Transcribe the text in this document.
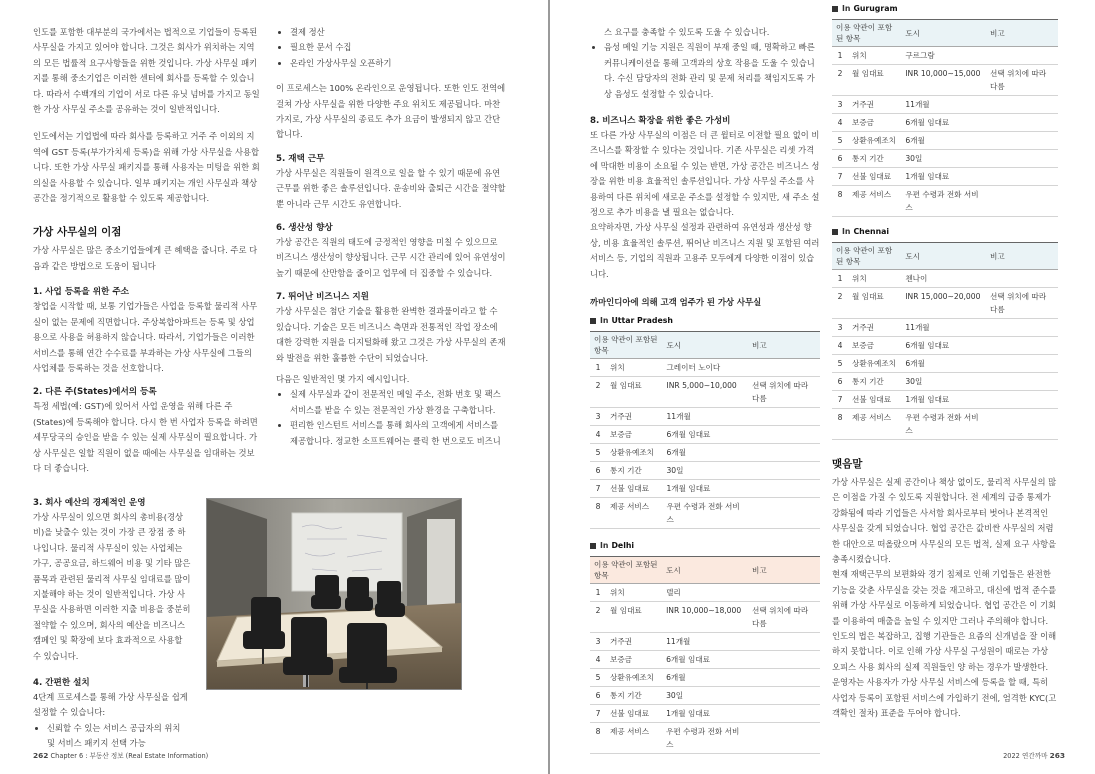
인도를 포함한 대부분의 국가에서는 법적으로 기업들이 등록된 사무실을 가지고 있어야 합니다. 그것은 회사가 위치하는 지역의 모든 법률적 요구사항들을 위한 것입니다. 가상 사무실 패키지를 통해 중소기업은 이러한 센터에 회사를 등록할 수 있습니다. 따라서 수백개의 기업이 서로 다른 유닛 넘버를 가지고 동일한 가상 사무실 주소를 공유하는 것이 일반적입니다.

인도에서는 기업법에 따라 회사를 등록하고 거주 주 이외의 지역에 GST 등록(부가가치세 등록)을 위해 가상 사무실을 사용합니다. 또한 가상 사무실 패키지를 통해 사용자는 미팅을 위한 회의실을 사용할 수 있습니다. 일부 패키지는 개인 사무실과 책상 공간을 정기적으로 활용할 수 있도록 제공합니다.

가상 사무실의 이점

가상 사무실은 많은 중소기업들에게 큰 혜택을 줍니다. 주로 다음과 같은 방법으로 도움이 됩니다

1. 사업 등록을 위한 주소

창업을 시작할 때, 보통 기업가들은 사업을 등록할 물리적 사무실이 없는 문제에 직면합니다. 주상복합아파트는 등록 및 상업용으로 사용을 허용하지 않습니다. 따라서, 기업가들은 이러한 서비스를 통해 연간 수수료를 부과하는 가상 사무실에 그들의 사업체를 등록하는 것을 선호합니다.

2. 다른 주(States)에서의 등록

특정 세법(예: GST)에 있어서 사업 운영을 위해 다른 주(States)에 등록해야 합니다. 다시 한 번 사업자 등록을 하려면 세무당국의 승인을 받을 수 있는 실제 사무실이 필요합니다. 가상 사무실은 일할 직원이 없을 때에는 사무실을 임대하는 것보다 더 좋습니다.

3. 회사 예산의 경제적인 운영

가상 사무실이 있으면 회사의 총비용(경상비)을 낮출수 있는 것이 가장 큰 장점 중 하나입니다. 물리적 사무실이 있는 사업체는 가구, 공공요금, 하드웨어 비용 및 기타 많은 품목과 관련된 물리적 사무실 임대료를 많이 지불해야 하는 것이 일반적입니다. 가상 사무실을 사용하면 이러한 지출 비용을 중분히 절약할 수 있으며, 회사의 예산을 비즈니스 캠페인 및 확장에 보다 효과적으로 사용할 수 있습니다.

4. 간편한 설치

4단계 프로세스를 통해 가상 사무실을 쉽게 설정할 수 있습니다:

• 신뢰할 수 있는 서비스 공급자의 위치 및 서비스 패키지 선택 가능
• 결제 정산
• 필요한 문서 수집
• 온라인 가상사무실 오픈하기

이 프로세스는 100% 온라인으로 운영됩니다. 또한 인도 전역에 걸쳐 가상 사무실을 위한 다양한 주요 위치도 제공됩니다. 마찬가지로, 가상 사무실의 종료도 추가 요금이 발생되지 않고 간단합니다.

5. 재택 근무

가상 사무실은 직원들이 원격으로 일을 할 수 있기 때문에 유연 근무를 위한 좋은 솔루션입니다. 운송비와 출퇴근 시간을 절약할 뿐 아니라 근무 시간도 유연합니다.

6. 생산성 향상

가상 공간은 직원의 태도에 긍정적인 영향을 미칠 수 있으므로 비즈니스 생산성이 향상됩니다. 근무 시간 관리에 있어 유연성이 높기 때문에 산만함을 줄이고 업무에 더 집중할 수 있습니다.

7. 뛰어난 비즈니스 지원

가상 사무실은 첨단 기술을 활용한 완벽한 결과물이라고 할 수 있습니다. 기술은 모든 비즈니스 측면과 전통적인 작업 장소에 대한 강력한 지원을 디지털화해 왔고 그것은 가상 사무실의 존재와 발전을 위한 훌륭한 수단이 되었습니다.

다음은 일반적인 몇 가지 예시입니다.

• 실제 사무실과 같이 전문적인 메일 주소, 전화 번호 및 팩스 서비스를 받을 수 있는 전문적인 가상 환경을 구축합니다.
• 편리한 인스턴트 서비스를 통해 회사의 고객에게 서비스를 제공합니다. 정교한 소프트웨어는 클릭 한 번으로도 비즈니
262 Chapter 6 : 부동산 정보 (Real Estate Information)

스 요구를 충족할 수 있도록 도울 수 있습니다.

• 음성 메일 기능 지원은 직원이 부재 중일 때, 명확하고 빠른 커뮤니케이션을 통해 고객과의 상호 작용을 도울 수 있습니다. 수신 담당자의 전화 관리 및 문제 처리를 책임지도록 가상 음성도 설정할 수 있습니다.
8. 비즈니스 확장을 위한 좋은 가성비

또 다른 가상 사무실의 이점은 더 큰 윌터로 이전할 필요 없이 비즈니스를 확장할 수 있다는 것입니다. 기존 사무실은 리셋 가격에 막대한 비용이 소요될 수 있는 반면, 가상 공간은 비즈니스 성장을 위한 비용 효율적인 솔루션입니다. 가상 사무실 주소를 사용하여 다른 위치에 새로운 주소를 설정할 수 있지만, 새 주소 설정으로 추가 비용을 낼 필요는 없습니다.

요약하자면, 가상 사무실 설정과 관련하여 유연성과 생산성 향상, 비용 효율적인 솔루션, 뛰어난 비즈니스 지원 및 포함된 여러 서비스 등, 기업의 직원과 고용주 모두에게 다양한 이점이 있습니다.

까마인디아에 의해 고객 엄주가 된 가상 사무실
In Uttar Pradesh
이용 약관이 포함된 항목		도시	비고
1	위치	그레이터 노이다	
2	월 임대료	INR 5,000~10,000	선택 위치에 따라 다름
3	거주권	11개월	
4	보증금	6개월 임대료	
5	상환유예조치	6개월	
6	통지 기간	30일	
7	선불 임대료	1개월 임대료	
8	제공 서비스	우편 수령과 전화 서비스	
In Delhi
이용 약관이 포함된 항목		도시	비고
1	위치	델리	
2	월 임대료	INR 10,000~18,000	선택 위치에 따라 다름
3	거주권	11개월	
4	보증금	6개월 임대료	
5	상환유예조치	6개월	
6	통지 기간	30일	
7	선불 임대료	1개월 임대료	
8	제공 서비스	우편 수령과 전화 서비스	
In Gurugram
이용 약관이 포함된 항목		도시	비고
1	위치	구르그람	
2	월 임대료	INR 10,000~15,000	선택 위치에 따라 다름
3	거주권	11개월	
4	보증금	6개월 임대료	
5	상환유예조치	6개월	
6	통지 기간	30일	
7	선불 임대료	1개월 임대료	
8	제공 서비스	우편 수령과 전화 서비스	
In Chennai
이용 약관이 포함된 항목		도시	비고
1	위치	첸나이	
2	월 임대료	INR 15,000~20,000	선택 위치에 따라 다름
3	거주권	11개월	
4	보증금	6개월 임대료	
5	상환유예조치	6개월	
6	통지 기간	30일	
7	선불 임대료	1개월 임대료	
8	제공 서비스	우편 수령과 전화 서비스	
맺음말

가상 사무실은 실제 공간이나 책상 없이도, 물리적 사무실의 많은 이점을 가질 수 있도록 지원합니다. 전 세계의 급증 통제가 강화됨에 따라 기업들은 사서함 회사로부터 벗어나 본격적인 사무실을 갖게 되었습니다. 협업 공간은 값비싼 사무실의 저렴한 대안으로 떠올랐으며 사무실의 모든 법적, 실제 요구 사항을 충족시켰습니다.

현재 재택근무의 보편화와 경기 침체로 인해 기업들은 완전한 기능을 갖춘 사무실을 갖는 것을 재고하고, 대신에 법적 준수를 위해 가상 사무실로 이동하게 되었습니다. 협업 공간은 이 기회를 이용하여 매출을 높일 수 있지만 그러나 주의해야 합니다. 인도의 법은 복잡하고, 집행 기관들은 요즘의 신개념을 잘 이해하지 못합니다. 이로 인해 가상 사무실 구성원이 때로는 가상 오피스 사용 회사의 실제 직원들인 양 하는 경우가 발생한다. 운영자는 사용자가 가상 사무실 서비스에 등록을 할 때, 특히 사업자 등록이 포함된 서비스에 가입하기 전에, 엄격한 KYC(고객확인 절차) 표준을 두어야 합니다.

2022 연간까마 263
